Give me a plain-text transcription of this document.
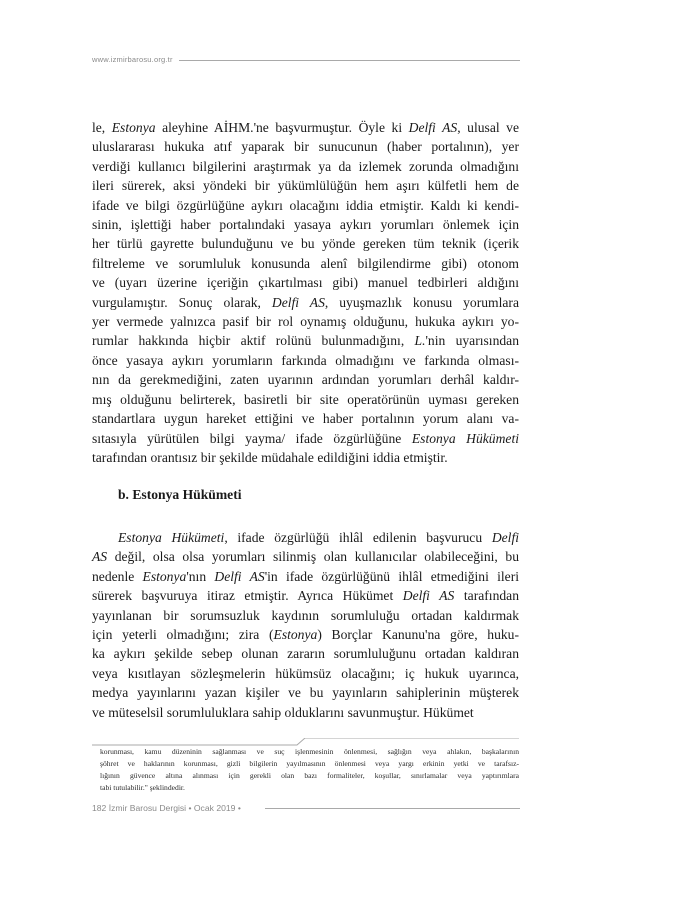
www.izmirbarosu.org.tr
le, Estonya aleyhine AİHM.'ne başvurmuştur. Öyle ki Delfi AS, ulusal ve
uluslararası hukuka atıf yaparak bir sunucunun (haber portalının), yer
verdiği kullanıcı bilgilerini araştırmak ya da izlemek zorunda olmadığını
ileri sürerek, aksi yöndeki bir yükümlülüğün hem aşırı külfetli hem de
ifade ve bilgi özgürlüğüne aykırı olacağını iddia etmiştir. Kaldı ki kendi-
sinin, işlettiği haber portalındaki yasaya aykırı yorumları önlemek için
her türlü gayrette bulunduğunu ve bu yönde gereken tüm teknik (içerik
filtreleme ve sorumluluk konusunda alenî bilgilendirme gibi) otonom
ve (uyarı üzerine içeriğin çıkartılması gibi) manuel tedbirleri aldığını
vurgulamıştır. Sonuç olarak, Delfi AS, uyuşmazlık konusu yorumlara
yer vermede yalnızca pasif bir rol oynamış olduğunu, hukuka aykırı yo-
rumlar hakkında hiçbir aktif rolünü bulunmadığını, L.'nin uyarısından
önce yasaya aykırı yorumların farkında olmadığını ve farkında olması-
nın da gerekmediğini, zaten uyarının ardından yorumları derhâl kaldır-
mış olduğunu belirterek, basiretli bir site operatörünün uyması gereken
standartlara uygun hareket ettiğini ve haber portalının yorum alanı va-
sıtasıyla yürütülen bilgi yayma/ ifade özgürlüğüne Estonya Hükümeti
tarafından orantısız bir şekilde müdahale edildiğini iddia etmiştir.
b. Estonya Hükümeti
Estonya Hükümeti, ifade özgürlüğü ihlâl edilenin başvurucu Delfi
AS değil, olsa olsa yorumları silinmiş olan kullanıcılar olabileceğini, bu
nedenle Estonya'nın Delfi AS'in ifade özgürlüğünü ihlâl etmediğini ileri
sürerek başvuruya itiraz etmiştir. Ayrıca Hükümet Delfi AS tarafından
yayınlanan bir sorumsuzluk kaydının sorumluluğu ortadan kaldırmak
için yeterli olmadığını; zira (Estonya) Borçlar Kanunu'na göre, huku-
ka aykırı şekilde sebep olunan zararın sorumluluğunu ortadan kaldıran
veya kısıtlayan sözleşmelerin hükümsüz olacağını; iç hukuk uyarınca,
medya yayınlarını yazan kişiler ve bu yayınların sahiplerinin müşterek
ve müteselsil sorumluluklara sahip olduklarını savunmuştur. Hükümet
korunması, kamu düzeninin sağlanması ve suç işlenmesinin önlenmesi, sağlığın veya ahlakın, başkalarının
şöhret ve haklarının korunması, gizli bilgilerin yayılmasının önlenmesi veya yargı erkinin yetki ve tarafsız-
lığının güvence altına alınması için gerekli olan bazı formaliteler, koşullar, sınırlamalar veya yaptırımlara
tabi tutulabilir." şeklindedir.
182 İzmir Barosu Dergisi • Ocak 2019 •
